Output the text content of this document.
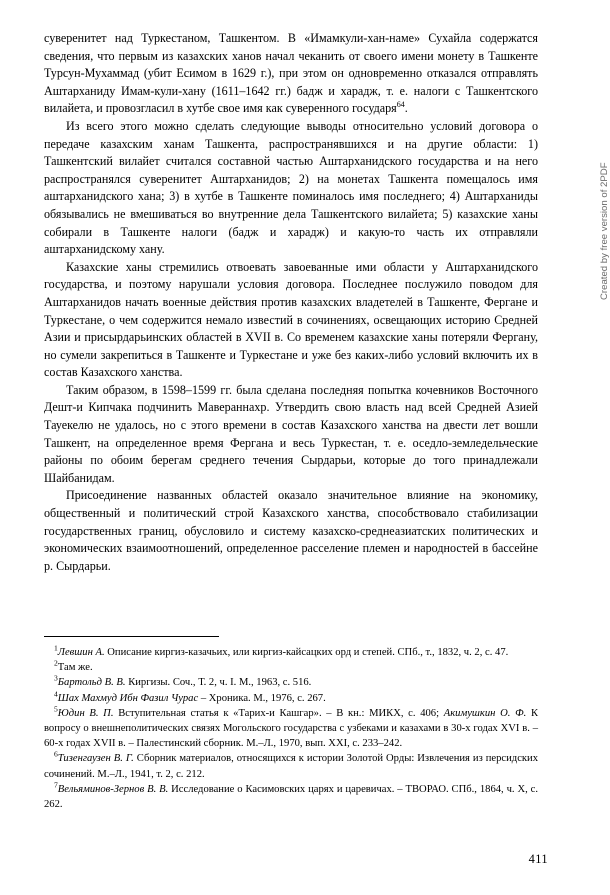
суверенитет над Туркестаном, Ташкентом. В «Имамкули-хан-наме» Сухайла содержатся сведения, что первым из казахских ханов начал чеканить от своего имени монету в Ташкенте Турсун-Мухаммад (убит Есимом в 1629 г.), при этом он одновременно отказался отправлять Аштарханиду Имам-кули-хану (1611–1642 гг.) бадж и харадж, т. е. налоги с Ташкентского вилайета, и провозгласил в хутбе свое имя как суверенного государя$^{64}$.

Из всего этого можно сделать следующие выводы относительно условий договора о передаче казахским ханам Ташкента, распространявшихся и на другие области: 1) Ташкентский вилайет считался составной частью Аштарханидского государства и на него распространялся суверенитет Аштарханидов; 2) на монетах Ташкента помещалось имя аштарханидского хана; 3) в хутбе в Ташкенте поминалось имя последнего; 4) Аштарханиды обязывались не вмешиваться во внутренние дела Ташкентского вилайета; 5) казахские ханы собирали в Ташкенте налоги (бадж и харадж) и какую-то часть их отправляли аштарханидскому хану.

Казахские ханы стремились отвоевать завоеванные ими области у Аштарханидского государства, и поэтому нарушали условия договора. Последнее послужило поводом для Аштарханидов начать военные действия против казахских владетелей в Ташкенте, Фергане и Туркестане, о чем содержится немало известий в сочинениях, освещающих историю Средней Азии и присырдарьинских областей в XVII в. Со временем казахские ханы потеряли Фергану, но сумели закрепиться в Ташкенте и Туркестане и уже без каких-либо условий включить их в состав Казахского ханства.

Таким образом, в 1598–1599 гг. была сделана последняя попытка кочевников Восточного Дешт-и Кипчака подчинить Мавераннахр. Утвердить свою власть над всей Средней Азией Тауекелю не удалось, но с этого времени в состав Казахского ханства на двести лет вошли Ташкент, на определенное время Фергана и весь Туркестан, т. е. оседло-земледельческие районы по обоим берегам среднего течения Сырдарьи, которые до того принадлежали Шайбанидам.

Присоединение названных областей оказало значительное влияние на экономику, общественный и политический строй Казахского ханства, способствовало стабилизации государственных границ, обусловило и систему казахско-среднеазиатских политических и экономических взаимоотношений, определенное расселение племен и народностей в бассейне р. Сырдарьи.

$^1$Левшин А. Описание киргиз-казачьих, или киргиз-кайсацких орд и степей. СПб., т., 1832, ч. 2, с. 47.

$^2$Там же.

$^3$Бартольд В. В. Киргизы. Соч., Т. 2, ч. I. М., 1963, с. 516.

$^4$Шах Махмуд Ибн Фазил Чурас – Хроника. М., 1976, с. 267.

$^5$Юдин В. П. Вступительная статья к «Тарих-и Кашгар». – В кн.: МИКХ, с. 406; Акимушкин О. Ф. К вопросу о внешнеполитических связях Могольского государства с узбеками и казахами в 30-х годах XVI в. – 60-х годах XVII в. – Палестинский сборник. М.–Л., 1970, вып. XXI, с. 233–242.

$^6$Тизенгаузен В. Г. Сборник материалов, относящихся к истории Золотой Орды: Извлечения из персидских сочинений. М.–Л., 1941, т. 2, с. 212.

$^7$Вельяминов-Зернов В. В. Исследование о Касимовских царях и царевичах. – ТВОРАО. СПб., 1864, ч. Х, с. 262.

411
Created by free version of 2PDF
